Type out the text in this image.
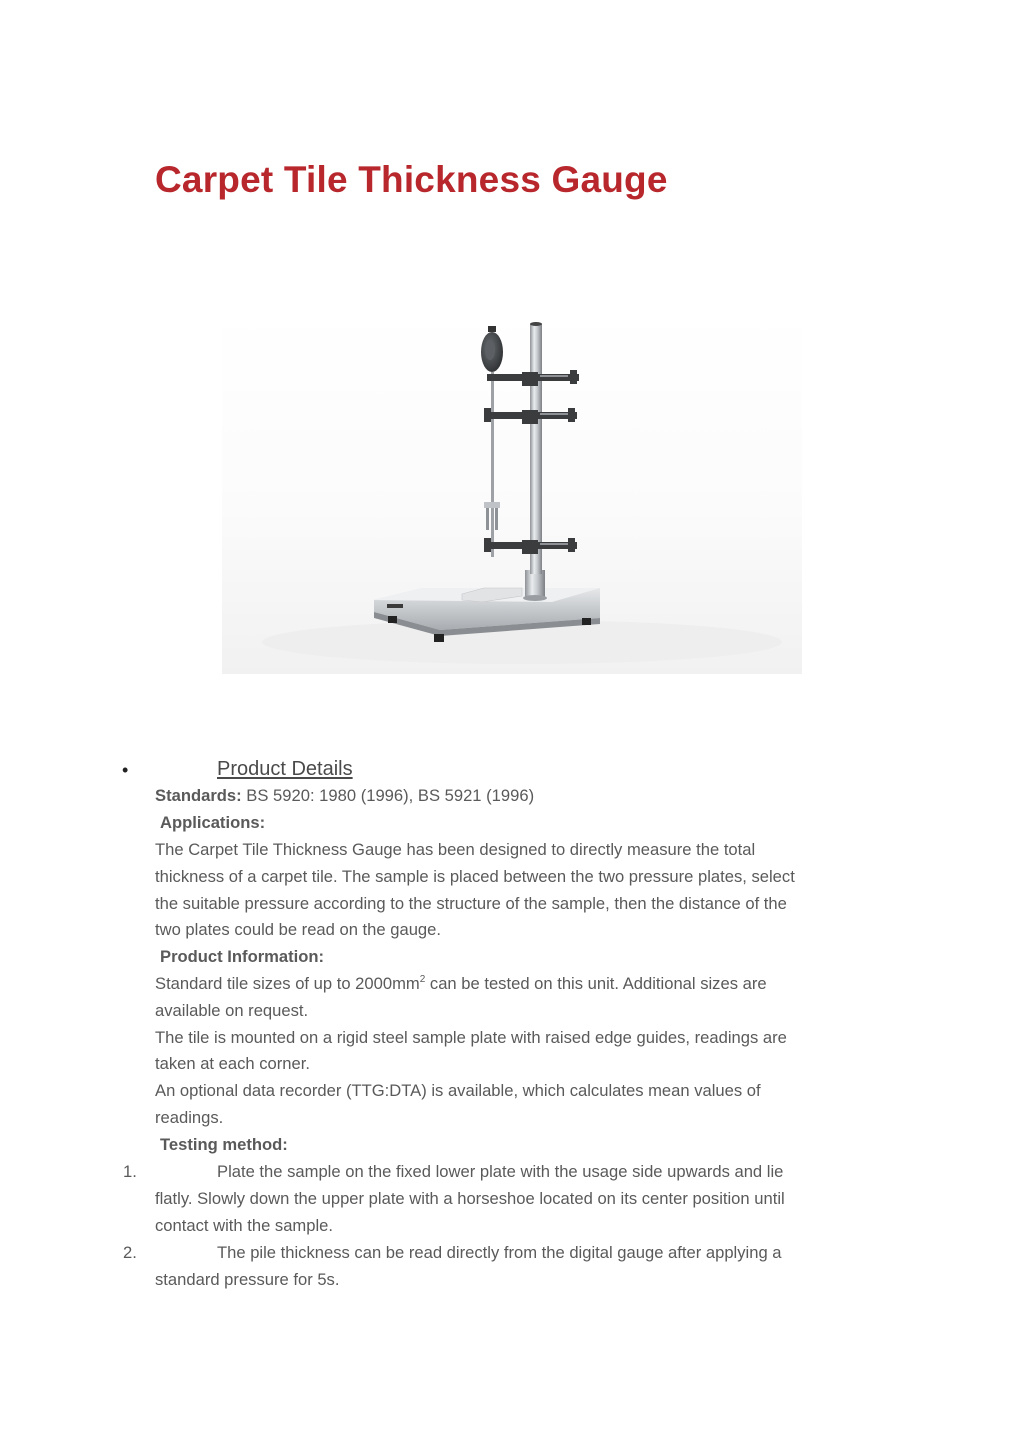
Carpet Tile Thickness Gauge
•	Product Details
Standards: BS 5920: 1980 (1996), BS 5921 (1996)
Applications:
The Carpet Tile Thickness Gauge has been designed to directly measure the total
thickness of a carpet tile. The sample is placed between the two pressure plates, select
the suitable pressure according to the structure of the sample, then the distance of the
two plates could be read on the gauge.
Product Information:
Standard tile sizes of up to $2000mm^2$ can be tested on this unit. Additional sizes are
available on request.
The tile is mounted on a rigid steel sample plate with raised edge guides, readings are
taken at each corner.
An optional data recorder (TTG:DTA) is available, which calculates mean values of
readings.
Testing method:
1.	Plate the sample on the fixed lower plate with the usage side upwards and lie
flatly. Slowly down the upper plate with a horseshoe located on its center position until
contact with the sample.
2.	The pile thickness can be read directly from the digital gauge after applying a
standard pressure for 5s.
